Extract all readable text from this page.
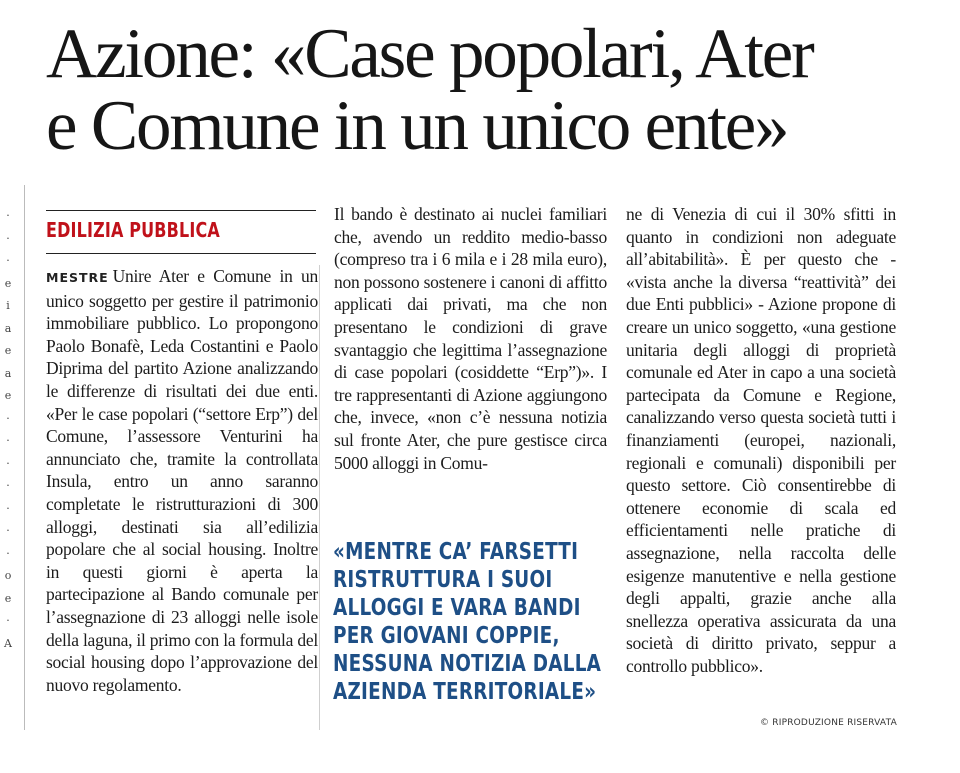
·
·
·
e
i
a
e
a
e
·
·
·
·
·
·
·
o
e
·
A
Azione: «Case popolari, Ater
e Comune in un unico ente»
EDILIZIA PUBBLICA

MESTRE Unire Ater e Comune in un unico soggetto per gestire il patrimonio immobiliare pubblico. Lo propongono Paolo Bonafè, Leda Costantini e Paolo Diprima del partito Azione analizzando le differenze di risultati dei due enti. «Per le case popolari (“settore Erp”) del Comune, l’assessore Venturini ha annunciato che, tramite la controllata Insula, entro un anno saranno completate le ristrutturazioni di 300 alloggi, destinati sia all’edilizia popolare che al social housing. Inoltre in questi giorni è aperta la partecipazione al Bando comunale per l’assegnazione di 23 alloggi nelle isole della laguna, il primo con la formula del social housing dopo l’approvazione del nuovo regolamento.

Il bando è destinato ai nuclei familiari che, avendo un reddito medio-basso (compreso tra i 6 mila e i 28 mila euro), non possono sostenere i canoni di affitto applicati dai privati, ma che non presentano le condizioni di grave svantaggio che legittima l’assegnazione di case popolari (cosiddette “Erp”)». I tre rappresentanti di Azione aggiungono che, invece, «non c’è nessuna notizia sul fronte Ater, che pure gestisce circa 5000 alloggi in Comu-

«MENTRE CA’ FARSETTI
RISTRUTTURA I SUOI
ALLOGGI E VARA BANDI
PER GIOVANI COPPIE,
NESSUNA NOTIZIA DALLA
AZIENDA TERRITORIALE»

ne di Venezia di cui il 30% sfitti in quanto in condizioni non adeguate all’abitabilità». È per questo che - «vista anche la diversa “reattività” dei due Enti pubblici» - Azione propone di creare un unico soggetto, «una gestione unitaria degli alloggi di proprietà comunale ed Ater in capo a una società partecipata da Comune e Regione, canalizzando verso questa società tutti i finanziamenti (europei, nazionali, regionali e comunali) disponibili per questo settore. Ciò consentirebbe di ottenere economie di scala ed efficientamenti nelle pratiche di assegnazione, nella raccolta delle esigenze manutentive e nella gestione degli appalti, grazie anche alla snellezza operativa assicurata da una società di diritto privato, seppur a controllo pubblico».

© RIPRODUZIONE RISERVATA
